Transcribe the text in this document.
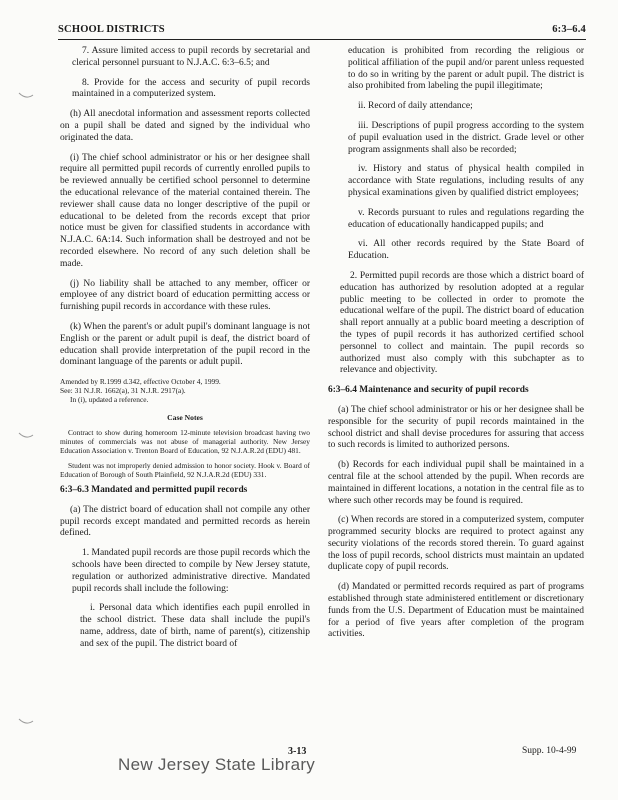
SCHOOL DISTRICTS	6:3–6.4

7. Assure limited access to pupil records by secretarial and clerical personnel pursuant to N.J.A.C. 6:3–6.5; and

8. Provide for the access and security of pupil records maintained in a computerized system.

(h) All anecdotal information and assessment reports collected on a pupil shall be dated and signed by the individual who originated the data.

(i) The chief school administrator or his or her designee shall require all permitted pupil records of currently enrolled pupils to be reviewed annually be certified school personnel to determine the educational relevance of the material contained therein. The reviewer shall cause data no longer descriptive of the pupil or educational to be deleted from the records except that prior notice must be given for classified students in accordance with N.J.A.C. 6A:14. Such information shall be destroyed and not be recorded elsewhere. No record of any such deletion shall be made.

(j) No liability shall be attached to any member, officer or employee of any district board of education permitting access or furnishing pupil records in accordance with these rules.

(k) When the parent's or adult pupil's dominant language is not English or the parent or adult pupil is deaf, the district board of education shall provide interpretation of the pupil record in the dominant language of the parents or adult pupil.

Amended by R.1999 d.342, effective October 4, 1999.

See: 31 N.J.R. 1662(a), 31 N.J.R. 2917(a).

In (i), updated a reference.

Case Notes

Contract to show during homeroom 12-minute television broadcast having two minutes of commercials was not abuse of managerial authority. New Jersey Education Association v. Trenton Board of Education, 92 N.J.A.R.2d (EDU) 481.

Student was not improperly denied admission to honor society. Hook v. Board of Education of Borough of South Plainfield, 92 N.J.A.R.2d (EDU) 331.

6:3–6.3 Mandated and permitted pupil records

(a) The district board of education shall not compile any other pupil records except mandated and permitted records as herein defined.

1. Mandated pupil records are those pupil records which the schools have been directed to compile by New Jersey statute, regulation or authorized administrative directive. Mandated pupil records shall include the following:

i. Personal data which identifies each pupil enrolled in the school district. These data shall include the pupil's name, address, date of birth, name of parent(s), citizenship and sex of the pupil. The district board of

education is prohibited from recording the religious or political affiliation of the pupil and/or parent unless requested to do so in writing by the parent or adult pupil. The district is also prohibited from labeling the pupil illegitimate;

ii. Record of daily attendance;

iii. Descriptions of pupil progress according to the system of pupil evaluation used in the district. Grade level or other program assignments shall also be recorded;

iv. History and status of physical health compiled in accordance with State regulations, including results of any physical examinations given by qualified district employees;

v. Records pursuant to rules and regulations regarding the education of educationally handicapped pupils; and

vi. All other records required by the State Board of Education.

2. Permitted pupil records are those which a district board of education has authorized by resolution adopted at a regular public meeting to be collected in order to promote the educational welfare of the pupil. The district board of education shall report annually at a public board meeting a description of the types of pupil records it has authorized certified school personnel to collect and maintain. The pupil records so authorized must also comply with this subchapter as to relevance and objectivity.

6:3–6.4 Maintenance and security of pupil records

(a) The chief school administrator or his or her designee shall be responsible for the security of pupil records maintained in the school district and shall devise procedures for assuring that access to such records is limited to authorized persons.

(b) Records for each individual pupil shall be maintained in a central file at the school attended by the pupil. When records are maintained in different locations, a notation in the central file as to where such other records may be found is required.

(c) When records are stored in a computerized system, computer programmed security blocks are required to protect against any security violations of the records stored therein. To guard against the loss of pupil records, school districts must maintain an updated duplicate copy of pupil records.

(d) Mandated or permitted records required as part of programs established through state administered entitlement or discretionary funds from the U.S. Department of Education must be maintained for a period of five years after completion of the program activities.

3-13	Supp. 10-4-99
New Jersey State Library
